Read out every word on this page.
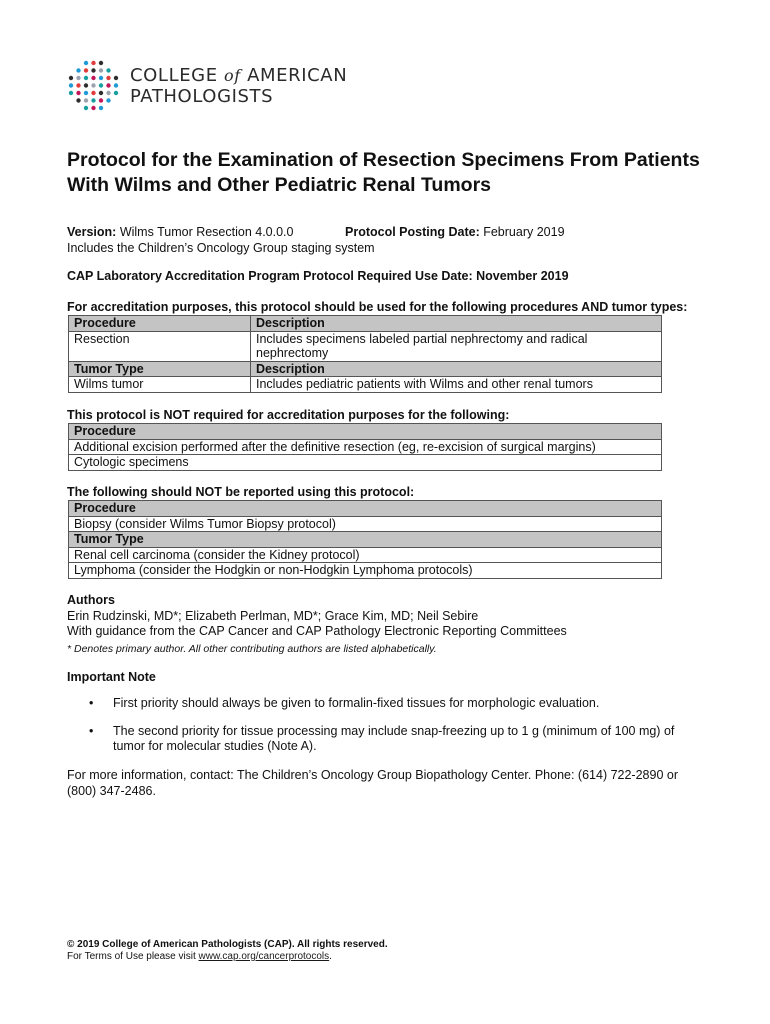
COLLEGE of AMERICAN
PATHOLOGISTS
Protocol for the Examination of Resection Specimens From Patients With Wilms and Other Pediatric Renal Tumors
Version: Wilms Tumor Resection 4.0.0.0	Protocol Posting Date: February 2019
Includes the Children’s Oncology Group staging system
CAP Laboratory Accreditation Program Protocol Required Use Date: November 2019
For accreditation purposes, this protocol should be used for the following procedures AND tumor types:
Procedure	Description
Resection	Includes specimens labeled partial nephrectomy and radical nephrectomy
Tumor Type	Description
Wilms tumor	Includes pediatric patients with Wilms and other renal tumors
This protocol is NOT required for accreditation purposes for the following:
Procedure
Additional excision performed after the definitive resection (eg, re-excision of surgical margins)
Cytologic specimens
The following should NOT be reported using this protocol:
Procedure
Biopsy (consider Wilms Tumor Biopsy protocol)
Tumor Type
Renal cell carcinoma (consider the Kidney protocol)
Lymphoma (consider the Hodgkin or non-Hodgkin Lymphoma protocols)
Authors
Erin Rudzinski, MD*; Elizabeth Perlman, MD*; Grace Kim, MD; Neil Sebire
With guidance from the CAP Cancer and CAP Pathology Electronic Reporting Committees
* Denotes primary author. All other contributing authors are listed alphabetically.
Important Note
•	First priority should always be given to formalin-fixed tissues for morphologic evaluation.
•	The second priority for tissue processing may include snap-freezing up to 1 g (minimum of 100 mg) of tumor for molecular studies (Note A).
For more information, contact: The Children’s Oncology Group Biopathology Center. Phone: (614) 722-2890 or (800) 347-2486.
© 2019 College of American Pathologists (CAP). All rights reserved.
For Terms of Use please visit www.cap.org/cancerprotocols.
